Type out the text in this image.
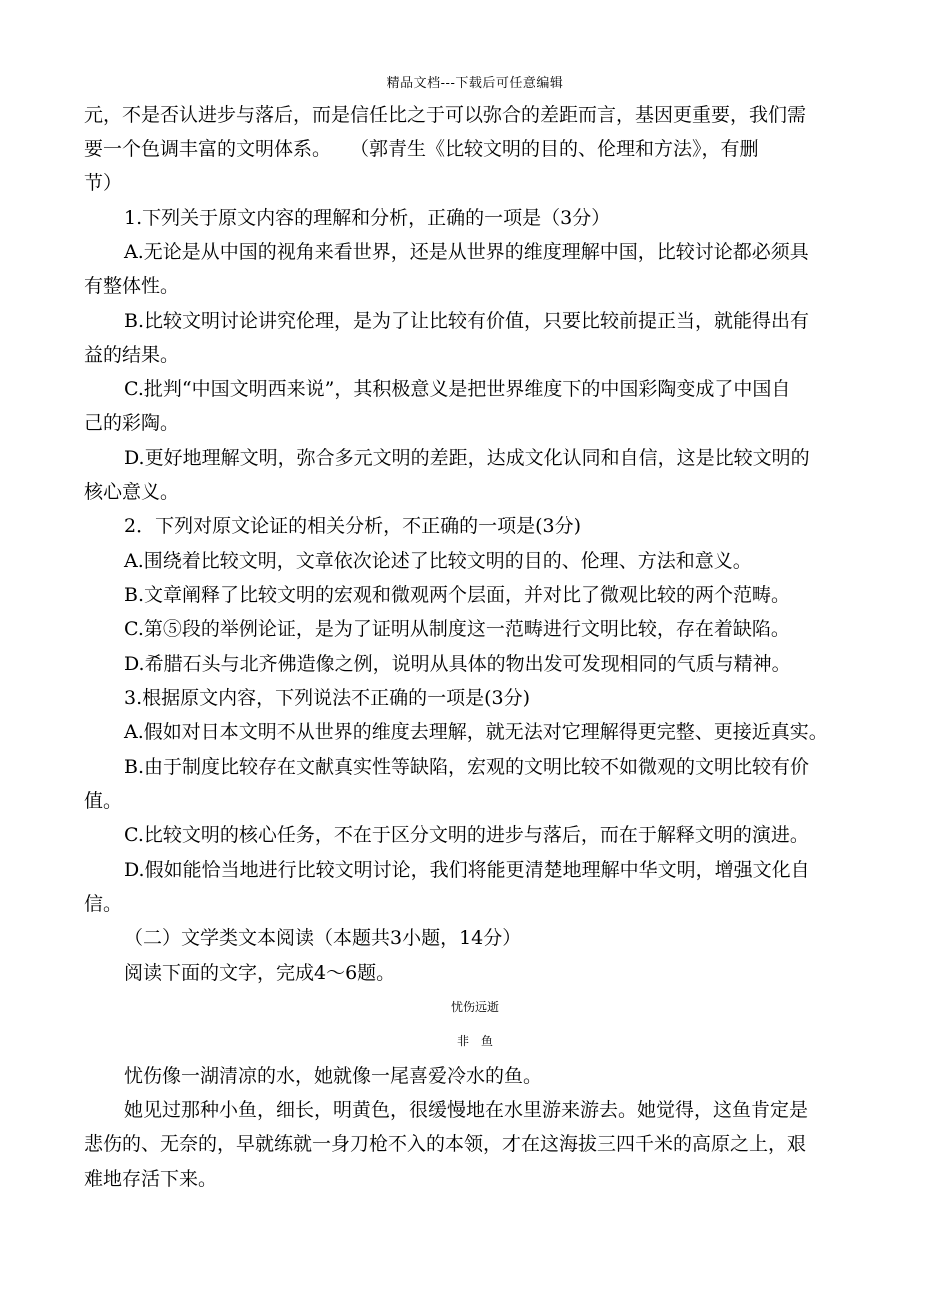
精品文档---下载后可任意编辑
元，不是否认进步与落后，而是信任比之于可以弥合的差距而言，基因更重要，我们需
要一个色调丰富的文明体系。　　（郭青生《比较文明的目的、伦理和方法》，有删
节）
1.下列关于原文内容的理解和分析，正确的一项是（3分）
A.无论是从中国的视角来看世界，还是从世界的维度理解中国，比较讨论都必须具
有整体性。
B.比较文明讨论讲究伦理，是为了让比较有价值，只要比较前提正当，就能得出有
益的结果。
C.批判“中国文明西来说”，其积极意义是把世界维度下的中国彩陶变成了中国自
己的彩陶。
D.更好地理解文明，弥合多元文明的差距，达成文化认同和自信，这是比较文明的
核心意义。
2．下列对原文论证的相关分析，不正确的一项是(3分)
A.围绕着比较文明，文章依次论述了比较文明的目的、伦理、方法和意义。
B.文章阐释了比较文明的宏观和微观两个层面，并对比了微观比较的两个范畴。
C.第⑤段的举例论证，是为了证明从制度这一范畴进行文明比较，存在着缺陷。
D.希腊石头与北齐佛造像之例，说明从具体的物出发可发现相同的气质与精神。
3.根据原文内容，下列说法不正确的一项是(3分)
A.假如对日本文明不从世界的维度去理解，就无法对它理解得更完整、更接近真实。
B.由于制度比较存在文献真实性等缺陷，宏观的文明比较不如微观的文明比较有价
值。
C.比较文明的核心任务，不在于区分文明的进步与落后，而在于解释文明的演进。
D.假如能恰当地进行比较文明讨论，我们将能更清楚地理解中华文明，增强文化自
信。
（二）文学类文本阅读（本题共3小题，14分）
阅读下面的文字，完成4～6题。
忧伤远逝
非　鱼
忧伤像一湖清凉的水，她就像一尾喜爱冷水的鱼。
她见过那种小鱼，细长，明黄色，很缓慢地在水里游来游去。她觉得，这鱼肯定是
悲伤的、无奈的，早就练就一身刀枪不入的本领，才在这海拔三四千米的高原之上，艰
难地存活下来。
